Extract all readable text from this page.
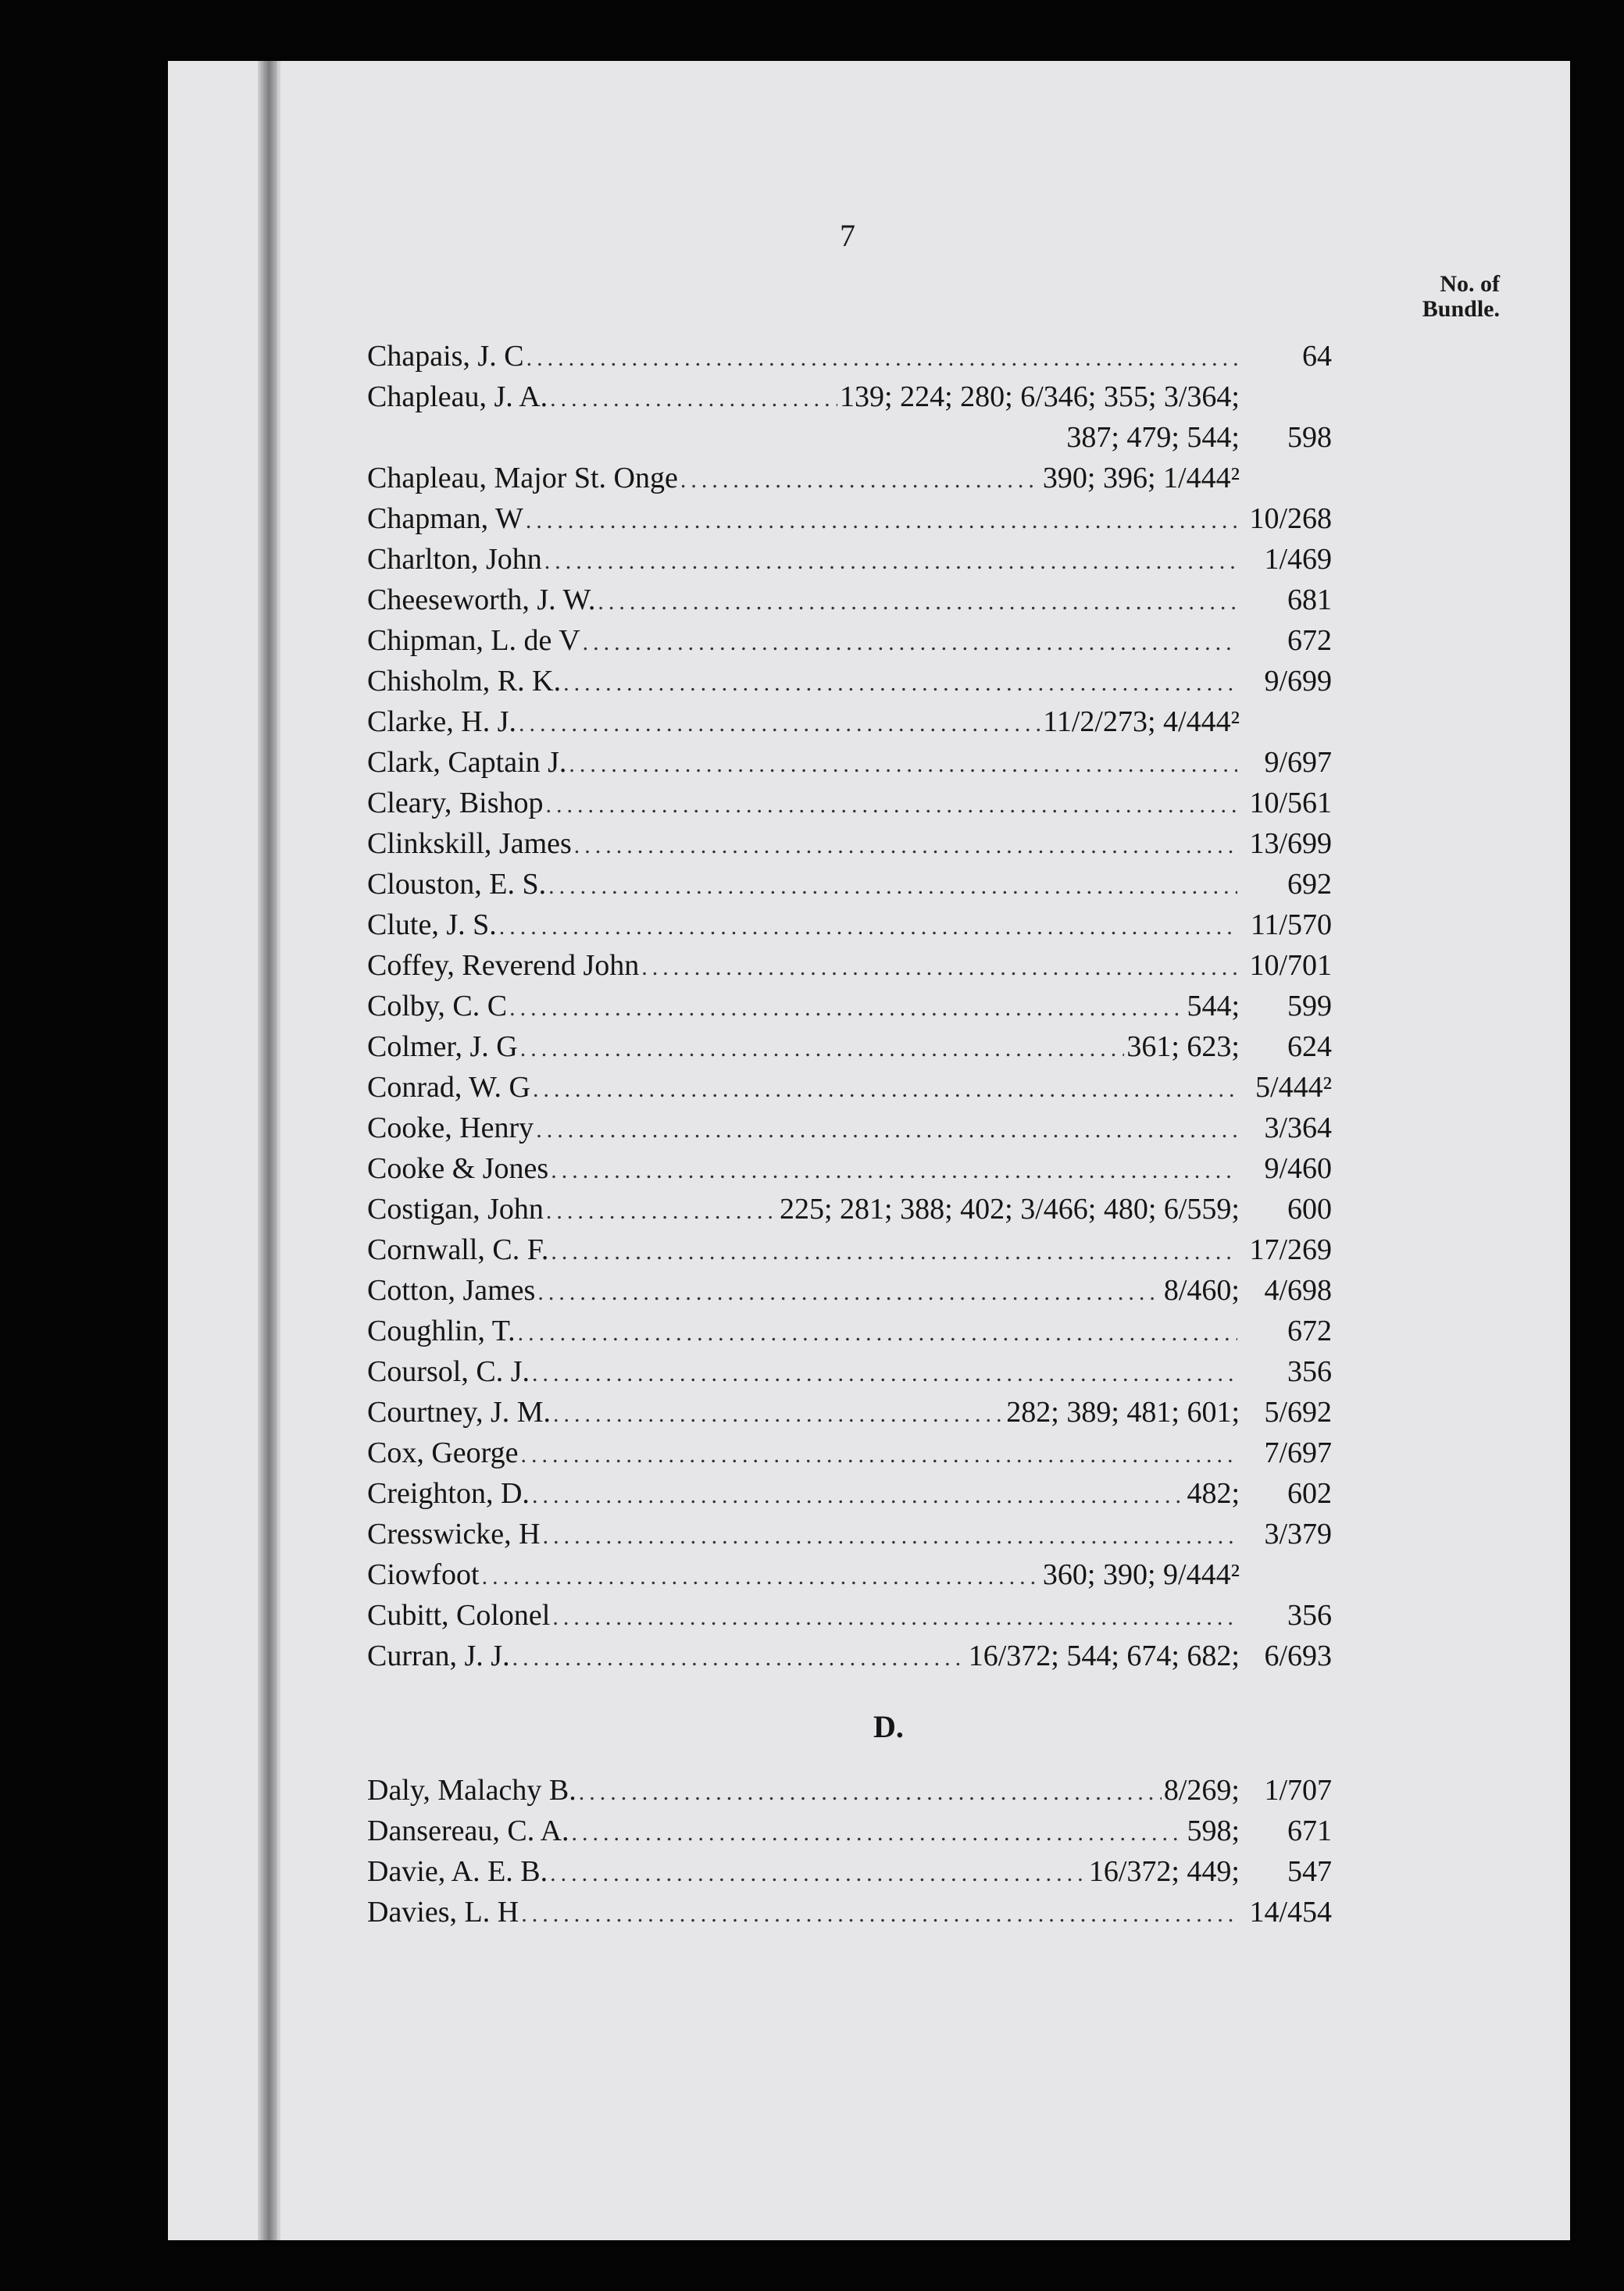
7
No. of
Bundle.
Chapais, J. C .....	64
Chapleau, J. A. .....	139; 224; 280; 6/346; 355; 3/364;
387; 479; 544;	598
Chapleau, Major St. Onge .....	390; 396; 1/444²
Chapman, W .....	10/268
Charlton, John .....	1/469
Cheeseworth, J. W. .....	681
Chipman, L. de V .....	672
Chisholm, R. K. .....	9/699
Clarke, H. J. .....	11/2/273; 4/444²
Clark, Captain J. .....	9/697
Cleary, Bishop .....	10/561
Clinkskill, James .....	13/699
Clouston, E. S. .....	692
Clute, J. S. .....	11/570
Coffey, Reverend John .....	10/701
Colby, C. C .....	544;	599
Colmer, J. G .....	361; 623;	624
Conrad, W. G .....	5/444²
Cooke, Henry .....	3/364
Cooke & Jones .....	9/460
Costigan, John .....	225; 281; 388; 402; 3/466; 480; 6/559;	600
Cornwall, C. F. .....	17/269
Cotton, James .....	8/460; 4/698
Coughlin, T. .....	672
Coursol, C. J. .....	356
Courtney, J. M. .....	282; 389; 481; 601; 5/692
Cox, George .....	7/697
Creighton, D. .....	482;	602
Cresswicke, H .....	3/379
Ciowfoot .....	360; 390; 9/444²
Cubitt, Colonel .....	356
Curran, J. J. .....	16/372; 544; 674; 682; 6/693
D.
Daly, Malachy B. .....	8/269; 1/707
Dansereau, C. A. .....	598;	671
Davie, A. E. B. .....	16/372; 449;	547
Davies, L. H .....	14/454
